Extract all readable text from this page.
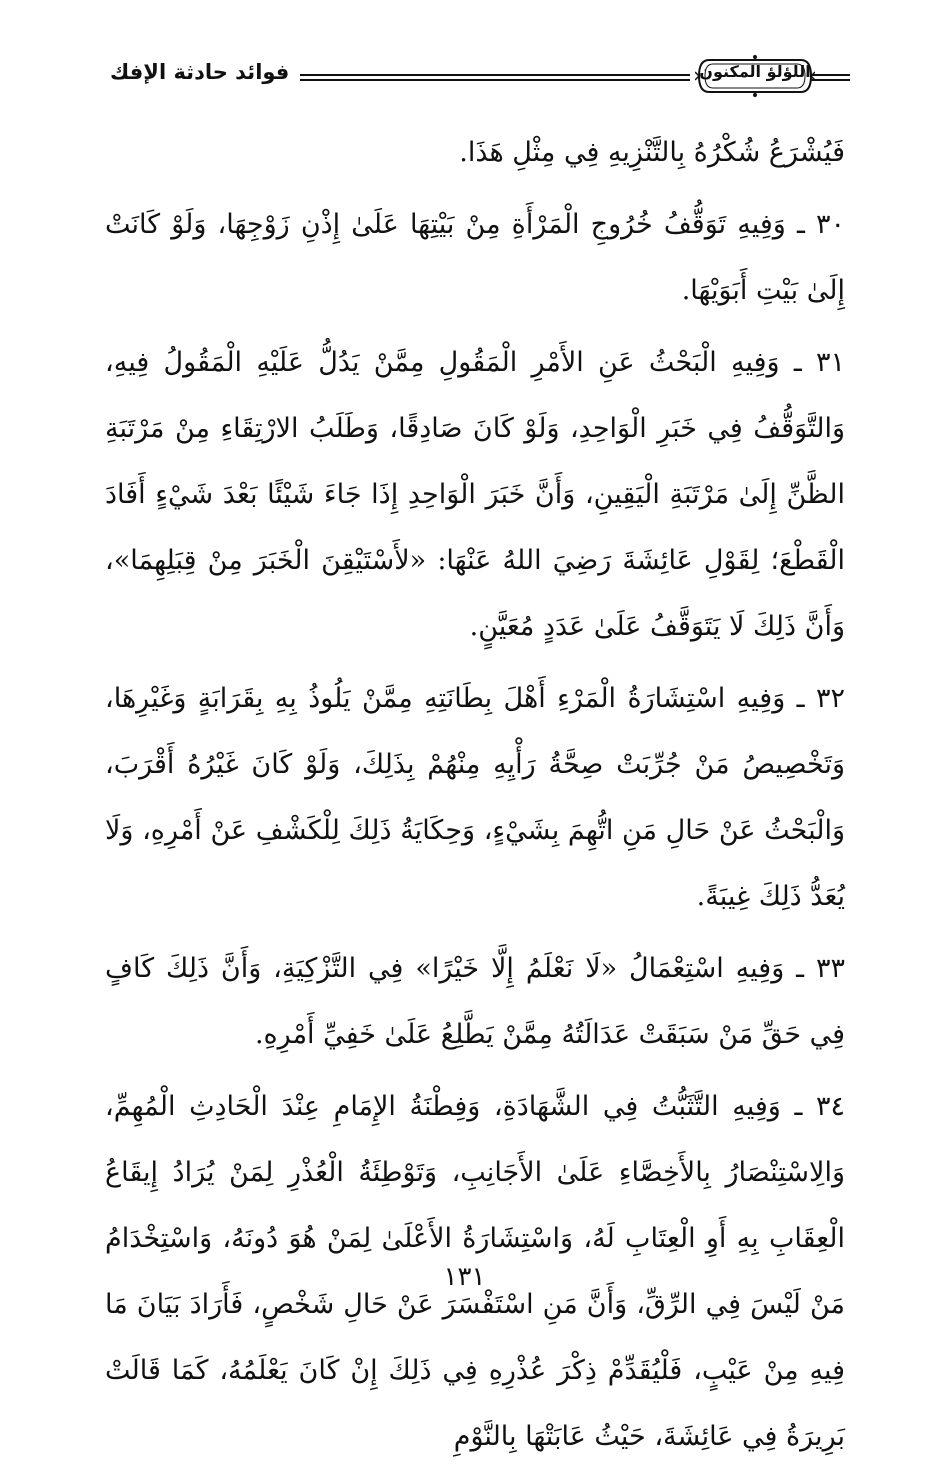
فوائد حادثة الإفك	اللؤلؤ المكنون

فَيُشْرَعُ شُكْرُهُ بِالتَّنْزِيهِ فِي مِثْلِ هَذَا.

٣٠ ـ وَفِيهِ تَوَقُّفُ خُرُوجِ الْمَرْأَةِ مِنْ بَيْتِهَا عَلَىٰ إِذْنِ زَوْجِهَا، وَلَوْ كَانَتْ إِلَىٰ بَيْتِ أَبَوَيْهَا.

٣١ ـ وَفِيهِ الْبَحْثُ عَنِ الأَمْرِ الْمَقُولِ مِمَّنْ يَدُلُّ عَلَيْهِ الْمَقُولُ فِيهِ، وَالتَّوَقُّفُ فِي خَبَرِ الْوَاحِدِ، وَلَوْ كَانَ صَادِقًا، وَطَلَبُ الارْتِقَاءِ مِنْ مَرْتَبَةِ الظَّنِّ إِلَىٰ مَرْتَبَةِ الْيَقِينِ، وَأَنَّ خَبَرَ الْوَاحِدِ إِذَا جَاءَ شَيْئًا بَعْدَ شَيْءٍ أَفَادَ الْقَطْعَ؛ لِقَوْلِ عَائِشَةَ رَضِيَ اللهُ عَنْهَا: «لأَسْتَيْقِنَ الْخَبَرَ مِنْ قِبَلِهِمَا»، وَأَنَّ ذَلِكَ لَا يَتَوَقَّفُ عَلَىٰ عَدَدٍ مُعَيَّنٍ.

٣٢ ـ وَفِيهِ اسْتِشَارَةُ الْمَرْءِ أَهْلَ بِطَانَتِهِ مِمَّنْ يَلُوذُ بِهِ بِقَرَابَةٍ وَغَيْرِهَا، وَتَخْصِيصُ مَنْ جُرِّبَتْ صِحَّةُ رَأْيِهِ مِنْهُمْ بِذَلِكَ، وَلَوْ كَانَ غَيْرُهُ أَقْرَبَ، وَالْبَحْثُ عَنْ حَالِ مَنِ اتُّهِمَ بِشَيْءٍ، وَحِكَايَةُ ذَلِكَ لِلْكَشْفِ عَنْ أَمْرِهِ، وَلَا يُعَدُّ ذَلِكَ غِيبَةً.

٣٣ ـ وَفِيهِ اسْتِعْمَالُ «لَا نَعْلَمُ إِلَّا خَيْرًا» فِي التَّزْكِيَةِ، وَأَنَّ ذَلِكَ كَافٍ فِي حَقِّ مَنْ سَبَقَتْ عَدَالَتُهُ مِمَّنْ يَطَّلِعُ عَلَىٰ خَفِيِّ أَمْرِهِ.

٣٤ ـ وَفِيهِ التَّثَبُّتُ فِي الشَّهَادَةِ، وَفِطْنَةُ الإِمَامِ عِنْدَ الْحَادِثِ الْمُهِمِّ، وَالِاسْتِنْصَارُ بِالأَخِصَّاءِ عَلَىٰ الأَجَانِبِ، وَتَوْطِئَةُ الْعُذْرِ لِمَنْ يُرَادُ إِيقَاعُ الْعِقَابِ بِهِ أَوِ الْعِتَابِ لَهُ، وَاسْتِشَارَةُ الأَعْلَىٰ لِمَنْ هُوَ دُونَهُ، وَاسْتِخْدَامُ مَنْ لَيْسَ فِي الرِّقِّ، وَأَنَّ مَنِ اسْتَفْسَرَ عَنْ حَالِ شَخْصٍ، فَأَرَادَ بَيَانَ مَا فِيهِ مِنْ عَيْبٍ، فَلْيُقَدِّمْ ذِكْرَ عُذْرِهِ فِي ذَلِكَ إِنْ كَانَ يَعْلَمُهُ، كَمَا قَالَتْ بَرِيرَةُ فِي عَائِشَةَ، حَيْثُ عَابَتْهَا بِالنَّوْمِ

١٣١
